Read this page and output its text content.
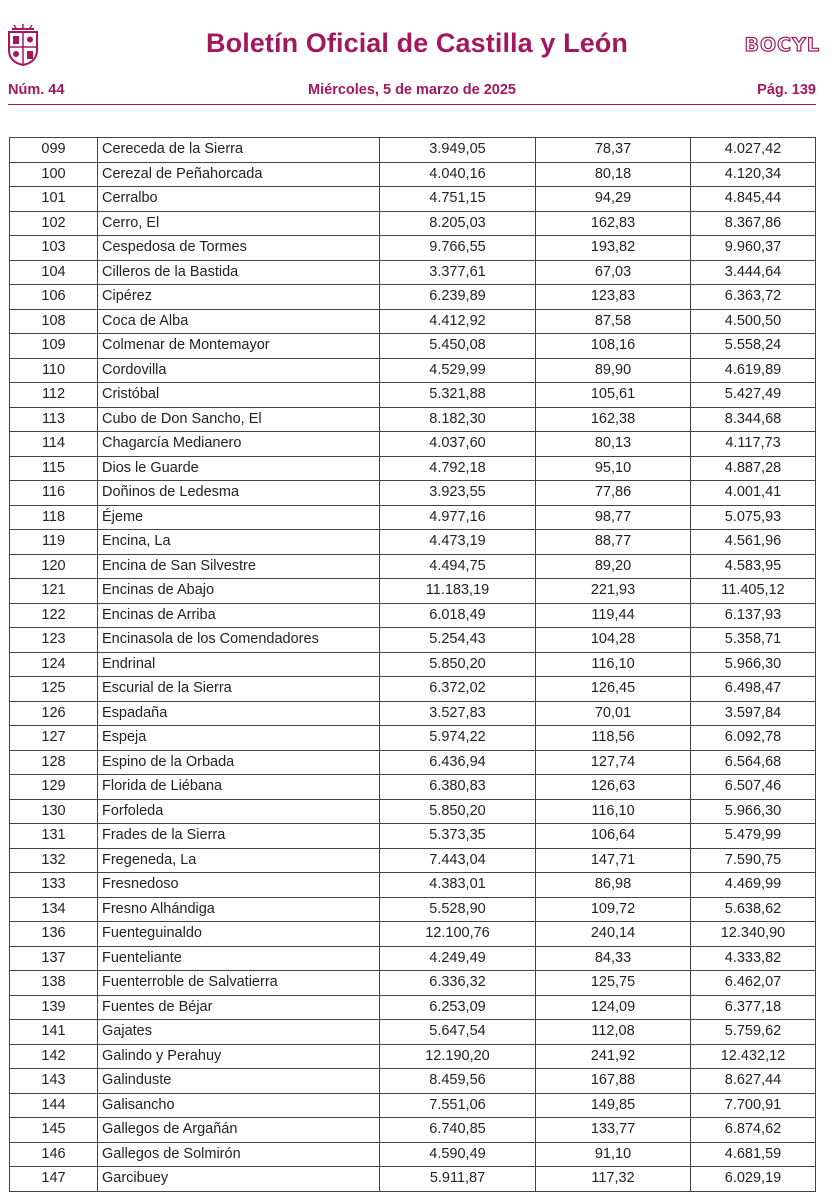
Boletín Oficial de Castilla y León	BOCYL
Núm. 44	Miércoles, 5 de marzo de 2025	Pág. 139
099	Cereceda de la Sierra	3.949,05	78,37	4.027,42
100	Cerezal de Peñahorcada	4.040,16	80,18	4.120,34
101	Cerralbo	4.751,15	94,29	4.845,44
102	Cerro, El	8.205,03	162,83	8.367,86
103	Cespedosa de Tormes	9.766,55	193,82	9.960,37
104	Cilleros de la Bastida	3.377,61	67,03	3.444,64
106	Cipérez	6.239,89	123,83	6.363,72
108	Coca de Alba	4.412,92	87,58	4.500,50
109	Colmenar de Montemayor	5.450,08	108,16	5.558,24
110	Cordovilla	4.529,99	89,90	4.619,89
112	Cristóbal	5.321,88	105,61	5.427,49
113	Cubo de Don Sancho, El	8.182,30	162,38	8.344,68
114	Chagarcía Medianero	4.037,60	80,13	4.117,73
115	Dios le Guarde	4.792,18	95,10	4.887,28
116	Doñinos de Ledesma	3.923,55	77,86	4.001,41
118	Éjeme	4.977,16	98,77	5.075,93
119	Encina, La	4.473,19	88,77	4.561,96
120	Encina de San Silvestre	4.494,75	89,20	4.583,95
121	Encinas de Abajo	11.183,19	221,93	11.405,12
122	Encinas de Arriba	6.018,49	119,44	6.137,93
123	Encinasola de los Comendadores	5.254,43	104,28	5.358,71
124	Endrinal	5.850,20	116,10	5.966,30
125	Escurial de la Sierra	6.372,02	126,45	6.498,47
126	Espadaña	3.527,83	70,01	3.597,84
127	Espeja	5.974,22	118,56	6.092,78
128	Espino de la Orbada	6.436,94	127,74	6.564,68
129	Florida de Liébana	6.380,83	126,63	6.507,46
130	Forfoleda	5.850,20	116,10	5.966,30
131	Frades de la Sierra	5.373,35	106,64	5.479,99
132	Fregeneda, La	7.443,04	147,71	7.590,75
133	Fresnedoso	4.383,01	86,98	4.469,99
134	Fresno Alhándiga	5.528,90	109,72	5.638,62
136	Fuenteguinaldo	12.100,76	240,14	12.340,90
137	Fuenteliante	4.249,49	84,33	4.333,82
138	Fuenterroble de Salvatierra	6.336,32	125,75	6.462,07
139	Fuentes de Béjar	6.253,09	124,09	6.377,18
141	Gajates	5.647,54	112,08	5.759,62
142	Galindo y Perahuy	12.190,20	241,92	12.432,12
143	Galinduste	8.459,56	167,88	8.627,44
144	Galisancho	7.551,06	149,85	7.700,91
145	Gallegos de Argañán	6.740,85	133,77	6.874,62
146	Gallegos de Solmirón	4.590,49	91,10	4.681,59
147	Garcibuey	5.911,87	117,32	6.029,19
